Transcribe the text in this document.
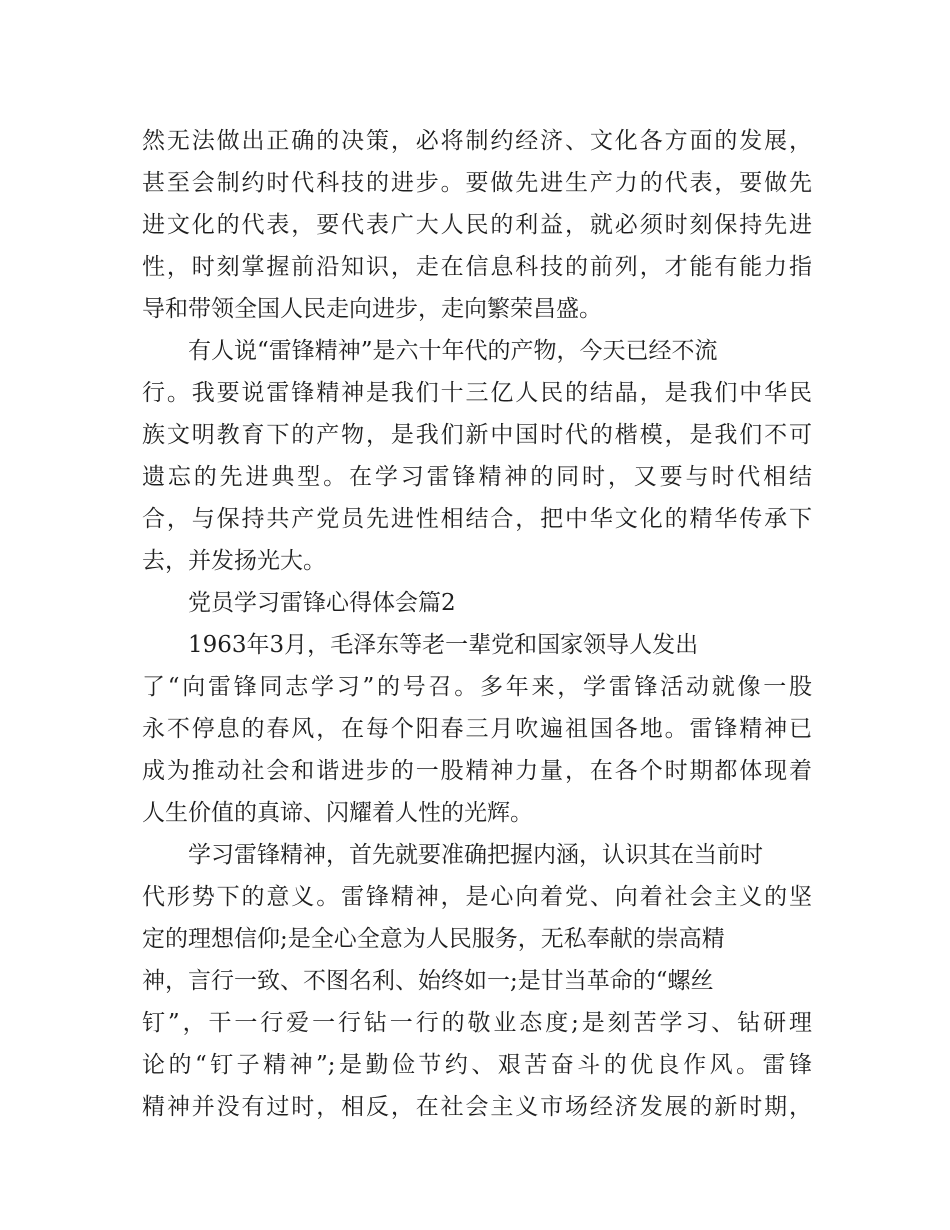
然无法做出正确的决策，必将制约经济、文化各方面的发展，
甚至会制约时代科技的进步。要做先进生产力的代表，要做先
进文化的代表，要代表广大人民的利益，就必须时刻保持先进
性，时刻掌握前沿知识，走在信息科技的前列，才能有能力指
导和带领全国人民走向进步，走向繁荣昌盛。
有人说“雷锋精神”是六十年代的产物，今天已经不流
行。我要说雷锋精神是我们十三亿人民的结晶，是我们中华民
族文明教育下的产物，是我们新中国时代的楷模，是我们不可
遗忘的先进典型。在学习雷锋精神的同时，又要与时代相结
合，与保持共产党员先进性相结合，把中华文化的精华传承下
去，并发扬光大。
党员学习雷锋心得体会篇2
1963年3月，毛泽东等老一辈党和国家领导人发出
了“向雷锋同志学习”的号召。多年来，学雷锋活动就像一股
永不停息的春风，在每个阳春三月吹遍祖国各地。雷锋精神已
成为推动社会和谐进步的一股精神力量，在各个时期都体现着
人生价值的真谛、闪耀着人性的光辉。
学习雷锋精神，首先就要准确把握内涵，认识其在当前时
代形势下的意义。雷锋精神，是心向着党、向着社会主义的坚
定的理想信仰;是全心全意为人民服务，无私奉献的崇高精
神，言行一致、不图名利、始终如一;是甘当革命的“螺丝
钉”，干一行爱一行钻一行的敬业态度;是刻苦学习、钻研理
论的“钉子精神”;是勤俭节约、艰苦奋斗的优良作风。雷锋
精神并没有过时，相反，在社会主义市场经济发展的新时期，
